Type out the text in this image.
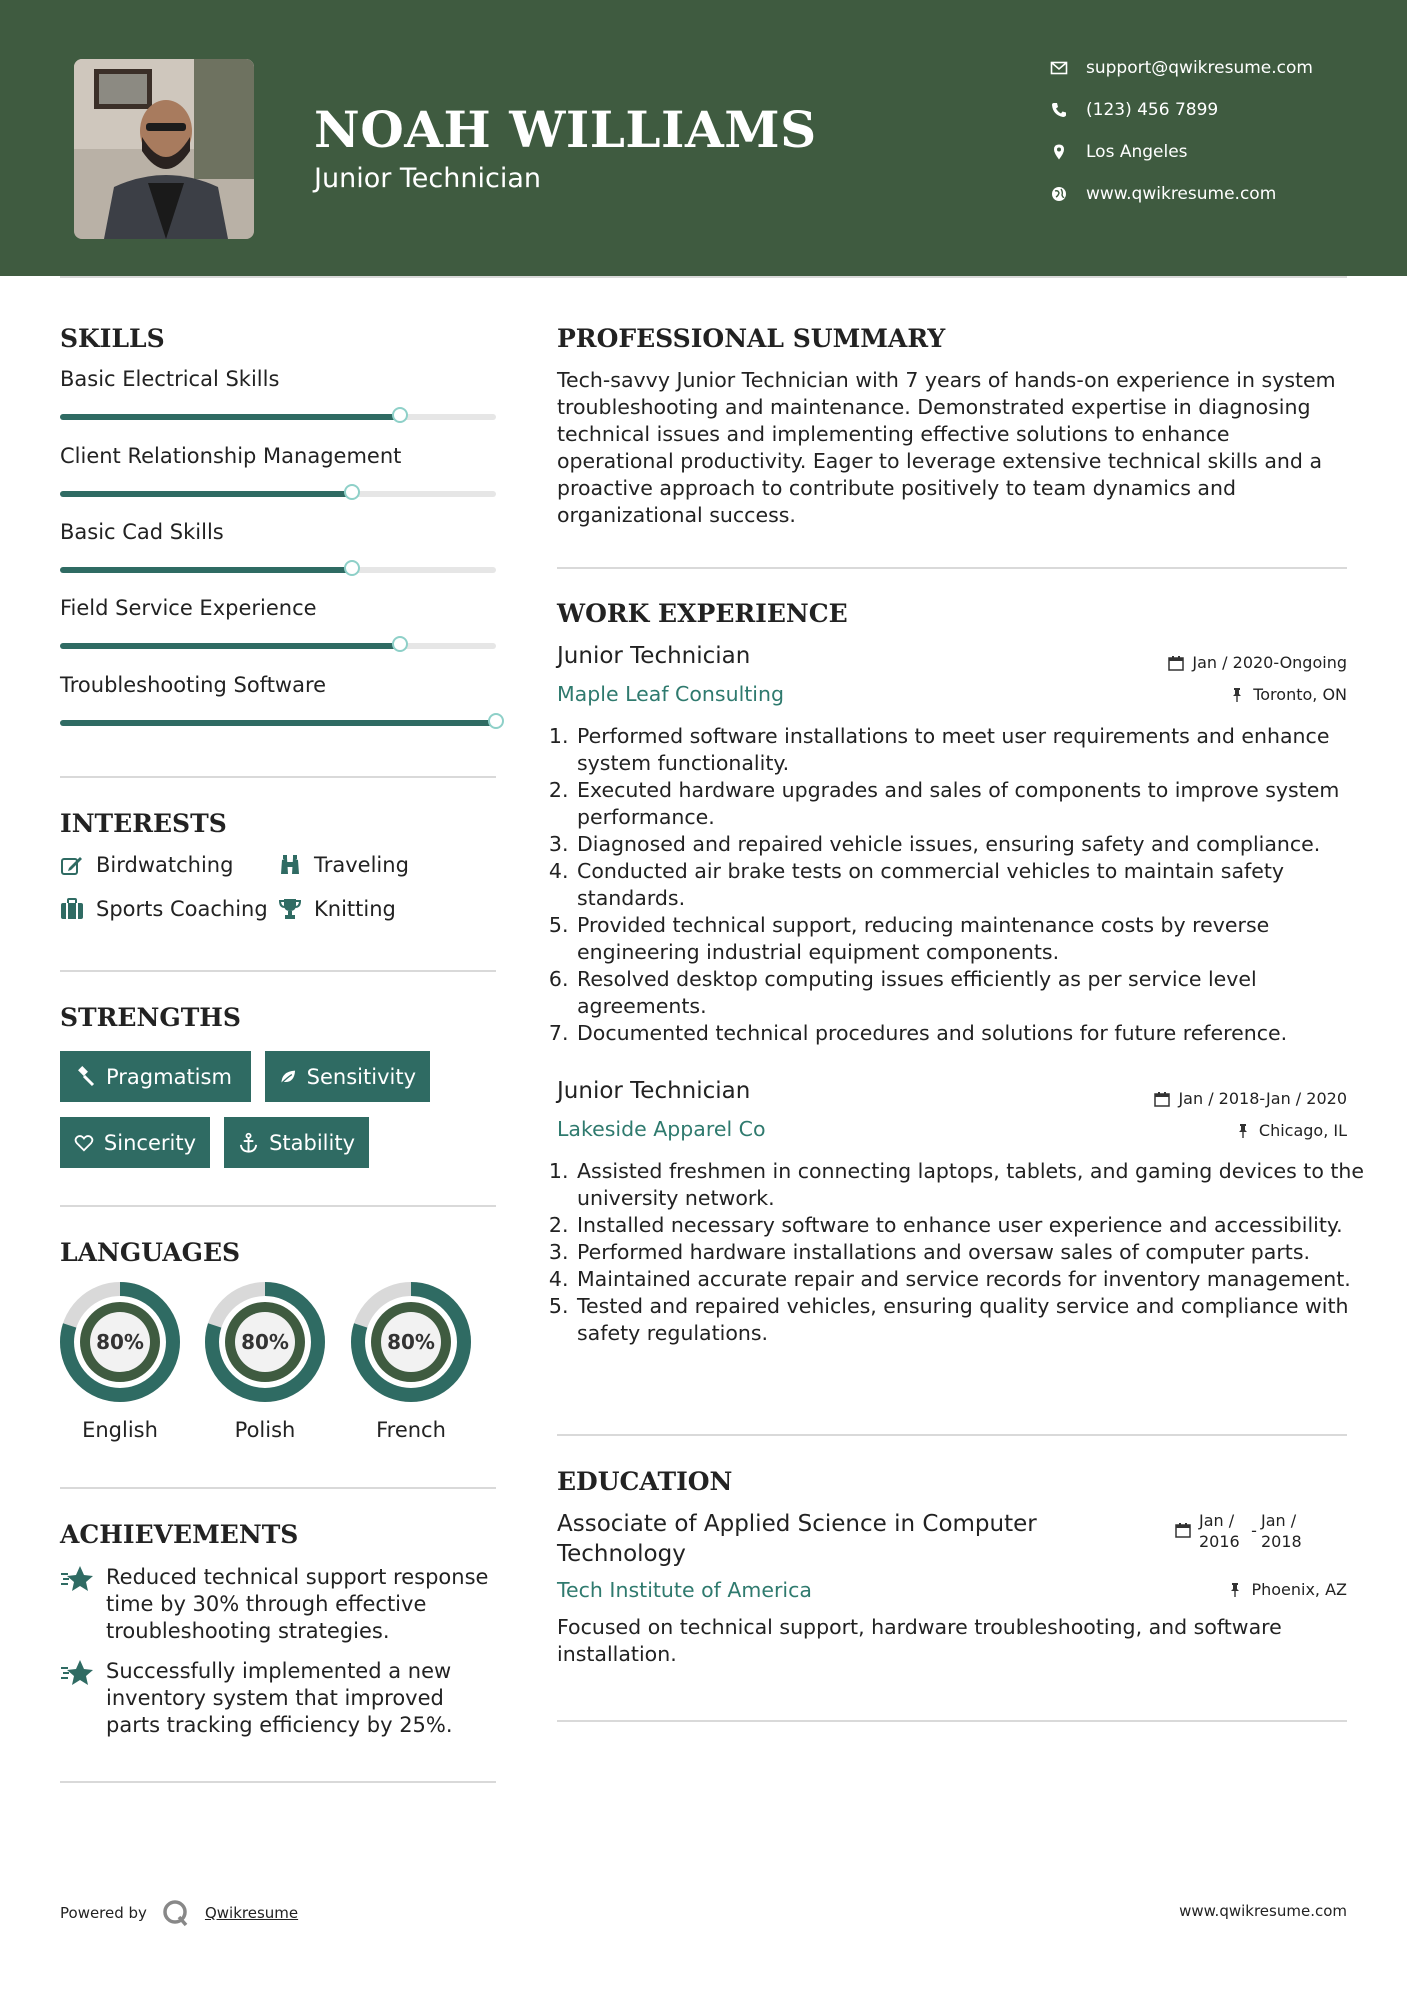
NOAH WILLIAMS
Junior Technician
support@qwikresume.com
(123) 456 7899
Los Angeles
www.qwikresume.com
SKILLS
Basic Electrical Skills
Client Relationship Management
Basic Cad Skills
Field Service Experience
Troubleshooting Software
INTERESTS
Birdwatching	Traveling
Sports Coaching Knitting
STRENGTHS
Pragmatism	Sensitivity
Sincerity	Stability
LANGUAGES
80%
English
80%
Polish
80%
French
ACHIEVEMENTS
Reduced technical support response time by 30% through effective troubleshooting strategies.
Successfully implemented a new inventory system that improved parts tracking efficiency by 25%.
PROFESSIONAL SUMMARY
Tech-savvy Junior Technician with 7 years of hands-on experience in system troubleshooting and maintenance. Demonstrated expertise in diagnosing technical issues and implementing effective solutions to enhance operational productivity. Eager to leverage extensive technical skills and a proactive approach to contribute positively to team dynamics and organizational success.
WORK EXPERIENCE
Junior Technician	Jan / 2020-Ongoing
Maple Leaf Consulting	Toronto, ON
1. Performed software installations to meet user requirements and enhance system functionality.
2. Executed hardware upgrades and sales of components to improve system performance.
3. Diagnosed and repaired vehicle issues, ensuring safety and compliance.
4. Conducted air brake tests on commercial vehicles to maintain safety standards.
5. Provided technical support, reducing maintenance costs by reverse engineering industrial equipment components.
6. Resolved desktop computing issues efficiently as per service level agreements.
7. Documented technical procedures and solutions for future reference.
Junior Technician	Jan / 2018-Jan / 2020
Lakeside Apparel Co	Chicago, IL
1. Assisted freshmen in connecting laptops, tablets, and gaming devices to the university network.
2. Installed necessary software to enhance user experience and accessibility.
3. Performed hardware installations and oversaw sales of computer parts.
4. Maintained accurate repair and service records for inventory management.
5. Tested and repaired vehicles, ensuring quality service and compliance with safety regulations.
EDUCATION
Associate of Applied Science in Computer Technology
Jan / 2016
-
Jan / 2018
Tech Institute of America	Phoenix, AZ
Focused on technical support, hardware troubleshooting, and software installation.
Powered by	Qwikresume	www.qwikresume.com
